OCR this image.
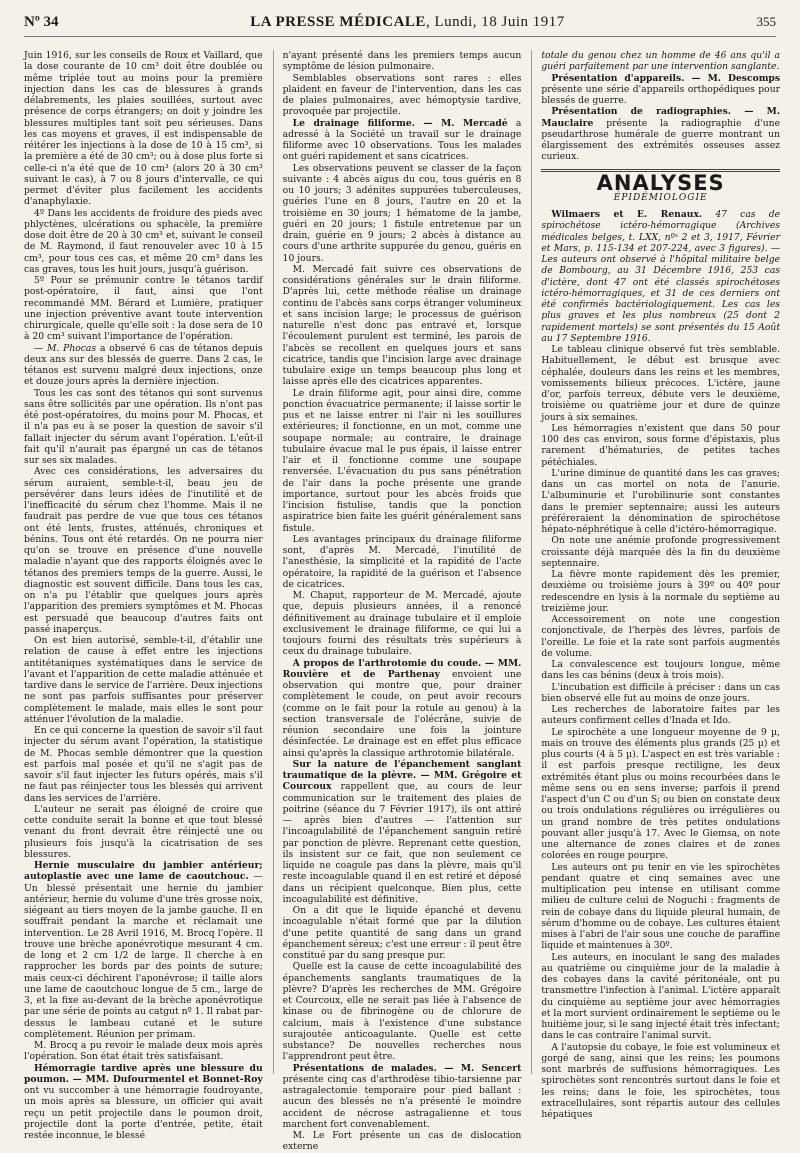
Nº 34	LA PRESSE MÉDICALE, Lundi, 18 Juin 1917	355

Juin 1916, sur les conseils de Roux et Vaillard, que la dose courante de 10 cm³ doit être doublée ou même triplée tout au moins pour la première injection dans les cas de blessures à grands délabrements, les plaies souillées, surtout avec présence de corps étrangers; on doit y joindre les blessures multiples tant soit peu sérieuses. Dans les cas moyens et graves, il est indispensable de réitérer les injections à la dose de 10 à 15 cm³, si la première a été de 30 cm³; ou à dose plus forte si celle-ci n'a été que de 10 cm³ (alors 20 à 30 cm³ suivant le cas), à 7 ou 8 jours d'intervalle, ce qui permet d'éviter plus facilement les accidents d'anaphylaxie.

4º Dans les accidents de froidure des pieds avec phlyctènes, ulcérations ou sphacèle, la première dose doit être de 20 à 30 cm³ et, suivant le conseil de M. Raymond, il faut renouveler avec 10 à 15 cm³, pour tous ces cas, et même 20 cm³ dans les cas graves, tous les huit jours, jusqu'à guérison.

5º Pour se prémunir contre le tétanos tardif post-opératoire, il faut, ainsi que l'ont recommandé MM. Bérard et Lumière, pratiquer une injection préventive avant toute intervention chirurgicale, quelle qu'elle soit : la dose sera de 10 à 20 cm³ suivant l'importance de l'opération.

— M. Phocas a observé 6 cas de tétanos depuis deux ans sur des blessés de guerre. Dans 2 cas, le tétanos est survenu malgré deux injections, onze et douze jours après la dernière injection.

Tous les cas sont des tétanos qui sont survenus sans être sollicités par une opération. Ils n'ont pas été post-opératoires, du moins pour M. Phocas, et il n'a pas eu à se poser la question de savoir s'il fallait injecter du sérum avant l'opération. L'eût-il fait qu'il n'aurait pas épargné un cas de tétanos sur ses six malades.

Avec ces considérations, les adversaires du sérum auraient, semble-t-il, beau jeu de persévérer dans leurs idées de l'inutilité et de l'inefficacité du sérum chez l'homme. Mais il ne faudrait pas perdre de vue que tous ces tétanos ont été lents, frustes, atténués, chroniques et bénins. Tous ont été retardés. On ne pourra nier qu'on se trouve en présence d'une nouvelle maladie n'ayant que des rapports éloignés avec le tétanos des premiers temps de la guerre. Aussi, le diagnostic est souvent difficile. Dans tous les cas, on n'a pu l'établir que quelques jours après l'apparition des premiers symptômes et M. Phocas est persuadé que beaucoup d'autres faits ont passé inaperçus.

On est bien autorisé, semble-t-il, d'établir une relation de cause à effet entre les injections antitétaniques systématiques dans le service de l'avant et l'apparition de cette maladie atténuée et tardive dans le service de l'arrière. Deux injections ne sont pas parfois suffisantes pour préserver complètement le malade, mais elles le sont pour atténuer l'évolution de la maladie.

En ce qui concerne la question de savoir s'il faut injecter du sérum avant l'opération, la statistique de M. Phocas semble démontrer que la question est parfois mal posée et qu'il ne s'agit pas de savoir s'il faut injecter les futurs opérés, mais s'il ne faut pas réinjecter tous les blessés qui arrivent dans les services de l'arrière.

L'auteur ne serait pas éloigné de croire que cette conduite serait la bonne et que tout blessé venant du front devrait être réinjecté une ou plusieurs fois jusqu'à la cicatrisation de ses blessures.

Hernie musculaire du jambier antérieur; autoplastie avec une lame de caoutchouc. — Un blessé présentait une hernie du jambier antérieur, hernie du volume d'une très grosse noix, siégeant au tiers moyen de la jambe gauche. Il en souffrait pendant la marche et réclamait une intervention. Le 28 Avril 1916, M. Brocq l'opère. Il trouve une brèche aponévrotique mesurant 4 cm. de long et 2 cm 1/2 de large. Il cherche à en rapprocher les bords par des points de suture; mais ceux-ci déchirent l'aponévrose; il taille alors une lame de caoutchouc longue de 5 cm., large de 3, et la fixe au-devant de la brèche aponévrotique par une série de points au catgut nº 1. Il rabat par-dessus le lambeau cutané et le suture complètement. Réunion per primam.

M. Brocq a pu revoir le malade deux mois après l'opération. Son état était très satisfaisant.

Hémorragie tardive après une blessure du poumon. — MM. Dufourmentel et Bonnet-Roy ont vu succomber à une hémorragie foudroyante, un mois après sa blessure, un officier qui avait reçu un petit projectile dans le poumon droit, projectile dont la porte d'entrée, petite, était restée inconnue, le blessé

n'ayant présenté dans les premiers temps aucun symptôme de lésion pulmonaire.

Semblables observations sont rares : elles plaident en faveur de l'intervention, dans les cas de plaies pulmonaires, avec hémoptysie tardive, provoquée par projectile.

Le drainage filiforme. — M. Mercadé a adressé à la Société un travail sur le drainage filiforme avec 10 observations. Tous les malades ont guéri rapidement et sans cicatrices.

Les observations peuvent se classer de la façon suivante : 4 abcès aigus du cou, tous guéris en 8 ou 10 jours; 3 adénites suppurées tuberculeuses, guéries l'une en 8 jours, l'autre en 20 et la troisième en 30 jours; 1 hématome de la jambe, guéri en 20 jours; 1 fistule entretenue par un drain, guérie en 9 jours; 2 abcès à distance au cours d'une arthrite suppurée du genou, guéris en 10 jours.

M. Mercadé fait suivre ces observations de considérations générales sur le drain filiforme. D'après lui, cette méthode réalise un drainage continu de l'abcès sans corps étranger volumineux et sans incision large; le processus de guérison naturelle n'est donc pas entravé et, lorsque l'écoulement purulent est terminé, les parois de l'abcès se recollent en quelques jours et sans cicatrice, tandis que l'incision large avec drainage tubulaire exige un temps beaucoup plus long et laisse après elle des cicatrices apparentes.

Le drain filiforme agit, pour ainsi dire, comme ponction évacuatrice permanente; il laisse sortir le pus et ne laisse entrer ni l'air ni les souillures extérieures; il fonctionne, en un mot, comme une soupape normale; au contraire, le drainage tubulaire évacue mal le pus épais, il laisse entrer l'air et il fonctionne comme une soupape renversée. L'évacuation du pus sans pénétration de l'air dans la poche présente une grande importance, surtout pour les abcès froids que l'incision fistulise, tandis que la ponction aspiratrice bien faite les guérit généralement sans fistule.

Les avantages principaux du drainage filiforme sont, d'après M. Mercadé, l'inutilité de l'anesthésie, la simplicité et la rapidité de l'acte opératoire, la rapidité de la guérison et l'absence de cicatrices.

M. Chaput, rapporteur de M. Mercadé, ajoute que, depuis plusieurs années, il a renoncé définitivement au drainage tubulaire et il emploie exclusivement le drainage filiforme, ce qui lui a toujours fourni des résultats très supérieurs à ceux du drainage tubulaire.

A propos de l'arthrotomie du coude. — MM. Rouvière et de Parthenay envoient une observation qui montre que, pour drainer complètement le coude, on peut avoir recours (comme on le fait pour la rotule au genou) à la section transversale de l'olécrâne, suivie de réunion secondaire une fois la jointure désinfectée. Le drainage est en effet plus efficace ainsi qu'après la classique arthrotomie bilatérale.

Sur la nature de l'épanchement sanglant traumatique de la plèvre. — MM. Grégoire et Courcoux rappellent que, au cours de leur communication sur le traitement des plaies de poitrine (séance du 7 Février 1917), ils ont attiré — après bien d'autres — l'attention sur l'incoagulabilité de l'épanchement sanguin retiré par ponction de plèvre. Reprenant cette question, ils insistent sur ce fait, que non seulement ce liquide ne coagule pas dans la plèvre, mais qu'il reste incoagulable quand il en est retiré et déposé dans un récipient quelconque. Bien plus, cette incoagulabilité est définitive.

On a dit que le liquide épanché et devenu incoagulable n'était formé que par la dilution d'une petite quantité de sang dans un grand épanchement séreux; c'est une erreur : il peut être constitué par du sang presque pur.

Quelle est la cause de cette incoagulabilité des épanchements sanglants traumatiques de la plèvre? D'après les recherches de MM. Grégoire et Courcoux, elle ne serait pas liée à l'absence de kinase ou de fibrinogène ou de chlorure de calcium, mais à l'existence d'une substance surajoutée anticoagulante. Quelle est cette substance? De nouvelles recherches nous l'apprendront peut être.

Présentations de malades. — M. Sencert présente cinq cas d'arthrodèse tibio-tarsienne par astragalectomie temporaire pour pied ballant : aucun des blessés ne n'a présenté le moindre accident de nécrose astragalienne et tous marchent fort convenablement.

M. Le Fort présente un cas de dislocation externe

totale du genou chez un homme de 46 ans qu'il a guéri parfaitement par une intervention sanglante.

Présentation d'appareils. — M. Descomps présente une série d'appareils orthopédiques pour blessés de guerre.

Présentation de radiographies. — M. Mauclaire présente la radiographie d'une pseudarthrose humérale de guerre montrant un élargissement des extrémités osseuses assez curieux.

ANALYSES
ÉPIDÉMIOLOGIE

Wilmaers et E. Renaux. 47 cas de spirochétose ictéro-hémorragique (Archives médicales belges, t. LXX, nºˢ 2 et 3, 1917, Février et Mars, p. 115-134 et 207-224, avec 3 figures). — Les auteurs ont observé à l'hôpital militaire belge de Bombourg, au 31 Décembre 1916, 253 cas d'ictère, dont 47 ont été classés spirochétoses ictéro-hémorragiques, et 31 de ces derniers ont été confirmés bactériologiquement. Les cas les plus graves et les plus nombreux (25 dont 2 rapidement mortels) se sont présentés du 15 Août au 17 Septembre 1916.

Le tableau clinique observé fut très semblable. Habituellement, le début est brusque avec céphalée, douleurs dans les reins et les membres, vomissements bilieux précoces. L'ictère, jaune d'or, parfois terreux, débute vers le deuxième, troisième ou quatrième jour et dure de quinze jours à six semaines.

Les hémorragies n'existent que dans 50 pour 100 des cas environ, sous forme d'épistaxis, plus rarement d'hématuries, de petites taches pétéchiales.

L'urine diminue de quantité dans les cas graves; dans un cas mortel on nota de l'anurie. L'albuminurie et l'urobilinurie sont constantes dans le premier septennaire; aussi les auteurs préféreraient la dénomination de spirochétose hépato-néphrétique à celle d'ictéro-hémorragique.

On note une anémie profonde progressivement croissante déjà marquée dès la fin du deuxième septennaire.

La fièvre monte rapidement dès les premier, deuxième ou troisième jours à 39º ou 40º pour redescendre en lysis à la normale du septième au treizième jour.

Accessoirement on note une congestion conjonctivale, de l'herpès des lèvres, parfois de l'oreille. Le foie et la rate sont parfois augmentés de volume.

La convalescence est toujours longue, même dans les cas bénins (deux à trois mois).

L'incubation est difficile à préciser : dans un cas bien observé elle fut au moins de onze jours.

Les recherches de laboratoire faites par les auteurs confirment celles d'Inada et Ido.

Le spirochète a une longueur moyenne de 9 µ, mais on trouve des éléments plus grands (25 µ) et plus courts (4 à 5 µ). L'aspect en est très variable : il est parfois presque rectiligne, les deux extrémités étant plus ou moins recourbées dans le même sens ou en sens inverse; parfois il prend l'aspect d'un C ou d'un S; ou bien on constate deux ou trois ondulations régulières ou irrégulières ou un grand nombre de très petites ondulations pouvant aller jusqu'à 17. Avec le Giemsa, on note une alternance de zones claires et de zones colorées en rouge pourpre.

Les auteurs ont pu tenir en vie les spirochètes pendant quatre et cinq semaines avec une multiplication peu intense en utilisant comme milieu de culture celui de Noguchi : fragments de rein de cobaye dans du liquide pleural humain, de sérum d'homme ou de cobaye. Les cultures étaient mises à l'abri de l'air sous une couche de paraffine liquide et maintenues à 30º.

Les auteurs, en inoculant le sang des malades au quatrième ou cinquième jour de la maladie à des cobayes dans la cavité péritonéale, ont pu transmettre l'infection à l'animal. L'ictère apparaît du cinquième au septième jour avec hémorragies et la mort survient ordinairement le septième ou le huitième jour, si le sang injecté était très infectant; dans le cas contraire l'animal survit.

A l'autopsie du cobaye, le foie est volumineux et gorgé de sang, ainsi que les reins; les poumons sont marbrés de suffusions hémorragiques. Les spirochètes sont rencontrés surtout dans le foie et les reins; dans le foie, les spirochètes, tous extracellulaires, sont répartis autour des cellules hépatiques
